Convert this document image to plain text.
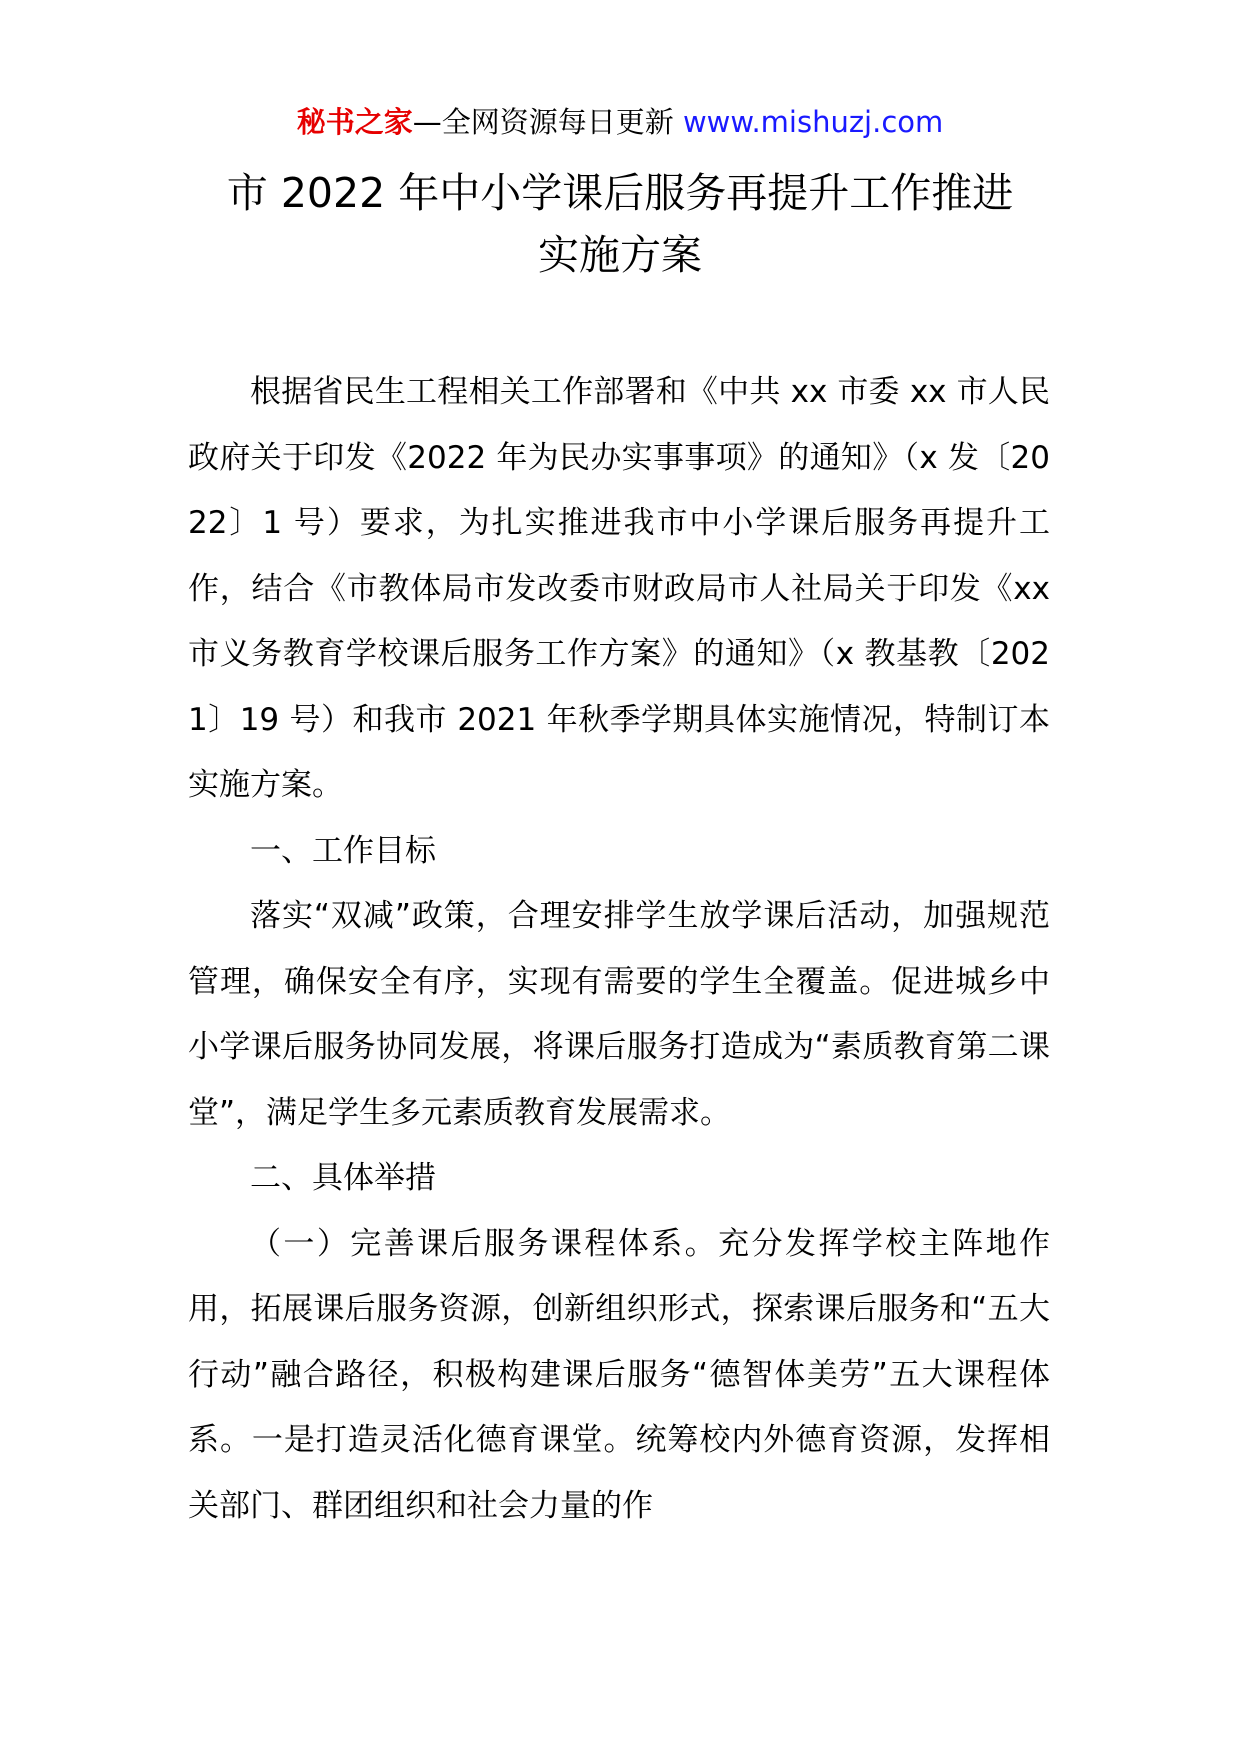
秘书之家—全网资源每日更新 www.mishuzj.com
市 2022 年中小学课后服务再提升工作推进
实施方案

根据省民生工程相关工作部署和《中共 xx 市委 xx 市人民政府关于印发《2022 年为民办实事事项》的通知》（x 发〔2022〕1 号）要求，为扎实推进我市中小学课后服务再提升工作，结合《市教体局市发改委市财政局市人社局关于印发《xx 市义务教育学校课后服务工作方案》的通知》（x 教基教〔2021〕19 号）和我市 2021 年秋季学期具体实施情况，特制订本实施方案。

一、工作目标

落实“双减”政策，合理安排学生放学课后活动，加强规范管理，确保安全有序，实现有需要的学生全覆盖。促进城乡中小学课后服务协同发展，将课后服务打造成为“素质教育第二课堂”，满足学生多元素质教育发展需求。

二、具体举措

（一）完善课后服务课程体系。充分发挥学校主阵地作用，拓展课后服务资源，创新组织形式，探索课后服务和“五大行动”融合路径，积极构建课后服务“德智体美劳”五大课程体系。一是打造灵活化德育课堂。统筹校内外德育资源，发挥相关部门、群团组织和社会力量的作
